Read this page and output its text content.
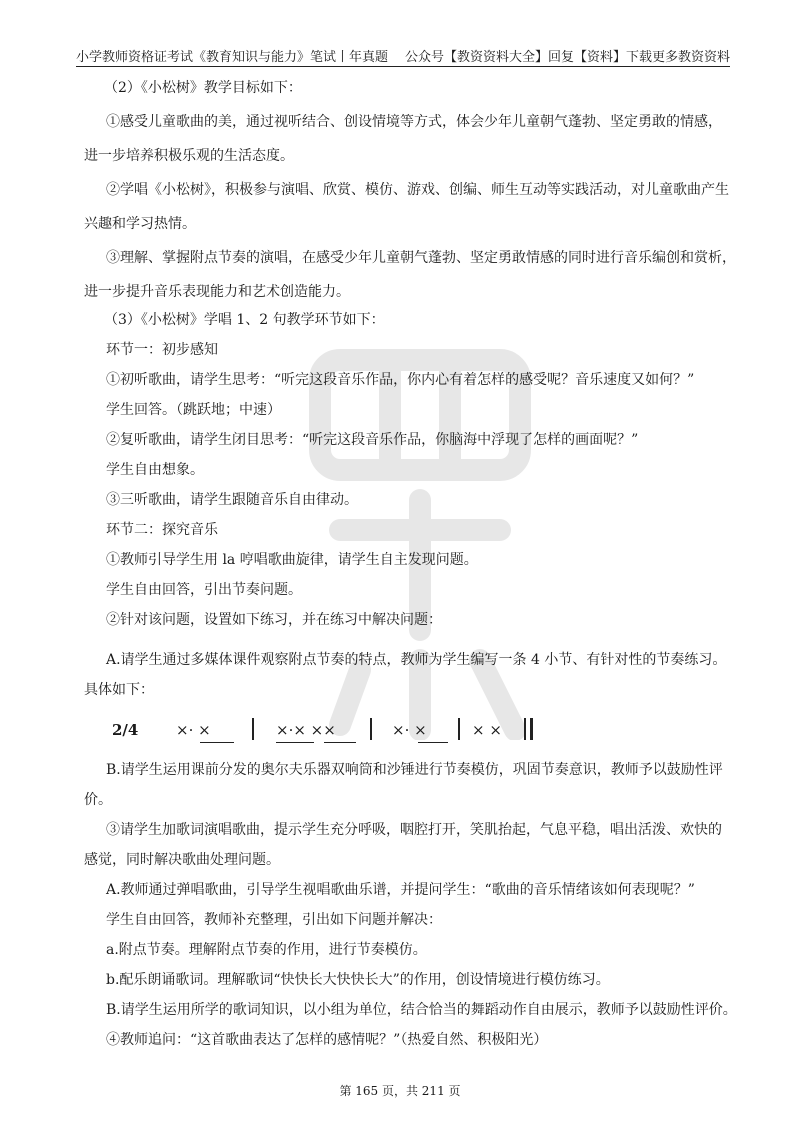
小学教师资格证考试《教育知识与能力》笔试丨年真题 公众号【教资资料大全】回复【资料】下载更多教资资料
（2）《小松树》教学目标如下：
①感受儿童歌曲的美，通过视听结合、创设情境等方式，体会少年儿童朝气蓬勃、坚定勇敢的情感，
进一步培养积极乐观的生活态度。
②学唱《小松树》，积极参与演唱、欣赏、模仿、游戏、创编、师生互动等实践活动，对儿童歌曲产生
兴趣和学习热情。
③理解、掌握附点节奏的演唱，在感受少年儿童朝气蓬勃、坚定勇敢情感的同时进行音乐编创和赏析，
进一步提升音乐表现能力和艺术创造能力。
（3）《小松树》学唱 1、2 句教学环节如下：
环节一：初步感知
①初听歌曲，请学生思考：“听完这段音乐作品，你内心有着怎样的感受呢？音乐速度又如何？”
学生回答。（跳跃地；中速）
②复听歌曲，请学生闭目思考：“听完这段音乐作品，你脑海中浮现了怎样的画面呢？”
学生自由想象。
③三听歌曲，请学生跟随音乐自由律动。
环节二：探究音乐
①教师引导学生用 la 哼唱歌曲旋律，请学生自主发现问题。
学生自由回答，引出节奏问题。
②针对该问题，设置如下练习，并在练习中解决问题：
A.请学生通过多媒体课件观察附点节奏的特点，教师为学生编写一条 4 小节、有针对性的节奏练习。
具体如下：
2/4	×· ×	×·× ××	×· ×	× ×
B.请学生运用课前分发的奥尔夫乐器双响筒和沙锤进行节奏模仿，巩固节奏意识，教师予以鼓励性评
价。
③请学生加歌词演唱歌曲，提示学生充分呼吸，咽腔打开，笑肌抬起，气息平稳，唱出活泼、欢快的
感觉，同时解决歌曲处理问题。
A.教师通过弹唱歌曲，引导学生视唱歌曲乐谱，并提问学生：“歌曲的音乐情绪该如何表现呢？”
学生自由回答，教师补充整理，引出如下问题并解决：
a.附点节奏。理解附点节奏的作用，进行节奏模仿。
b.配乐朗诵歌词。理解歌词“快快长大快快长大”的作用，创设情境进行模仿练习。
B.请学生运用所学的歌词知识，以小组为单位，结合恰当的舞蹈动作自由展示，教师予以鼓励性评价。
④教师追问：“这首歌曲表达了怎样的感情呢？”（热爱自然、积极阳光）
第 165 页，共 211 页
